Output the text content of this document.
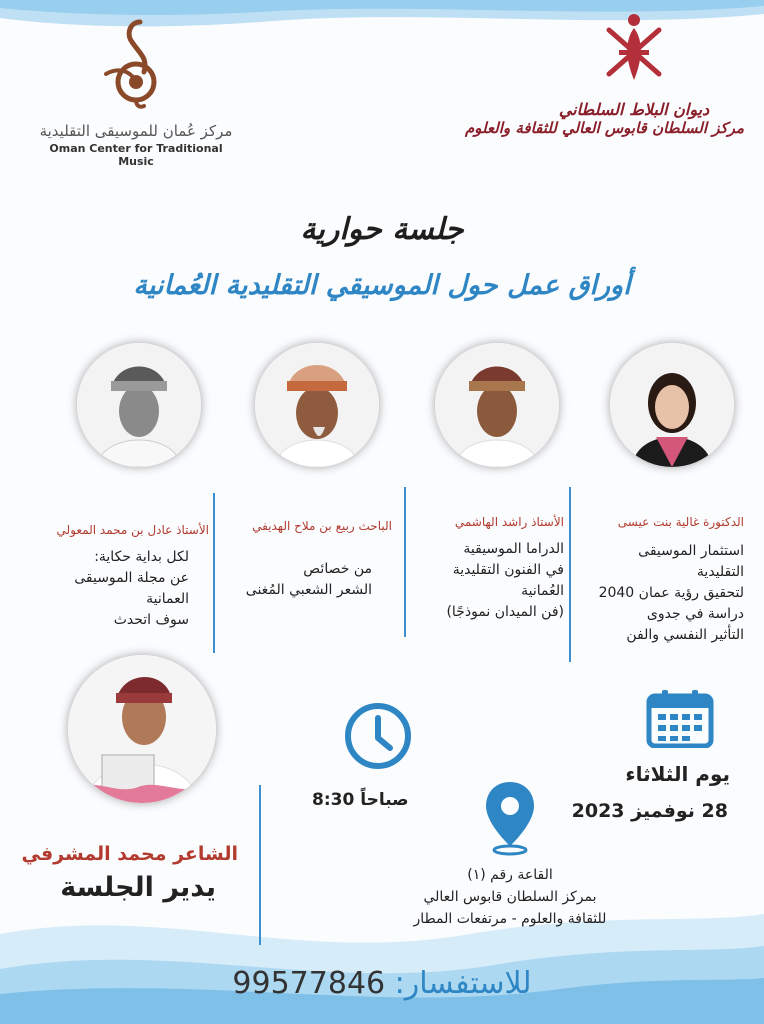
مركز عُمان للموسيقى التقليدية
Oman Center for Traditional Music
ديوان البلاط السلطاني
مركز السلطان قابوس العالي للثقافة والعلوم
جلسة حوارية
أوراق عمل حول الموسيقي التقليدية العُمانية
الدكتورة غالية بنت عيسى
استثمار الموسيقى
التقليدية
لتحقيق رؤية عمان 2040
دراسة في جدوى
التأثير النفسي والفن
الأستاذ راشد الهاشمي
الدراما الموسيقية
في الفنون التقليدية
العُمانية
(فن الميدان نموذجًا)
الباحث ربيع بن ملاح الهديفي
من خصائص
الشعر الشعبي المُغنى
الأستاذ عادل بن محمد المعولي
لكل بداية حكاية:
عن مجلة الموسيقى
العمانية
سوف اتحدث
الشاعر محمد المشرفي
يدير الجلسة
8:30 صباحاً
يوم الثلاثاء
28 نوفميز 2023
القاعة رقم (١)
بمركز السلطان قابوس العالي
للثقافة والعلوم - مرتفعات المطار
للاستفسار: 99577846
